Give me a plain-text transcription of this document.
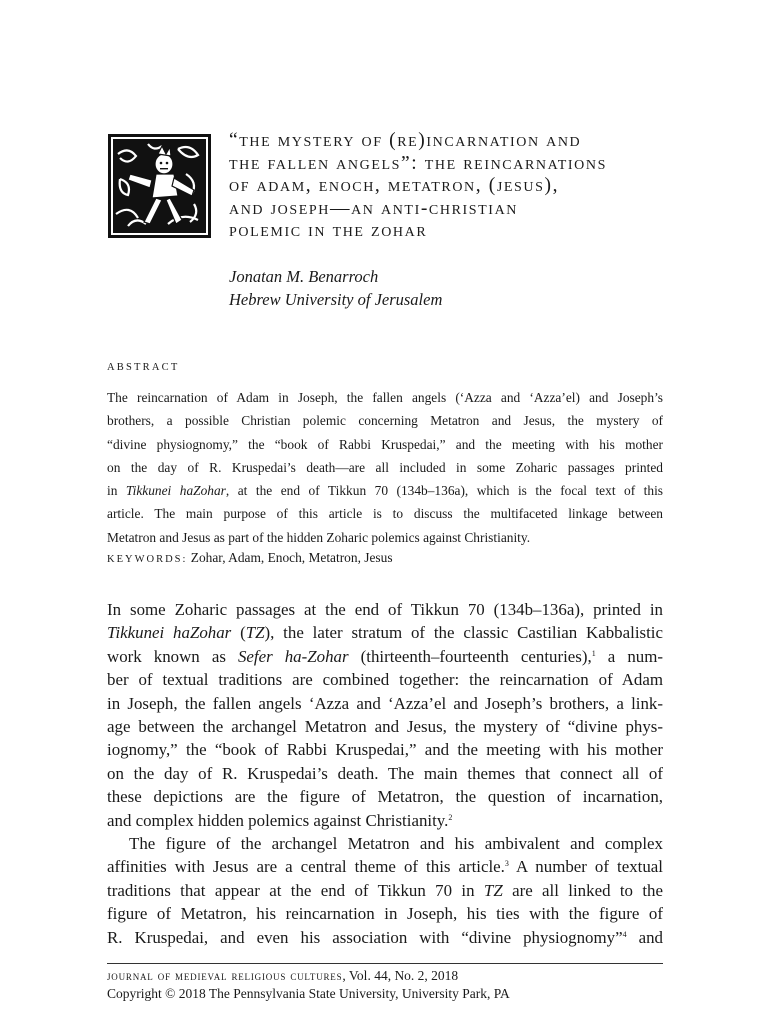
“the mystery of (re)incarnation and
the fallen angels”: the reincarnations
of adam, enoch, metatron, (jesus),
and joseph—an anti-christian
polemic in the zohar
Jonatan M. Benarroch
Hebrew University of Jerusalem
ABSTRACT
The reincarnation of Adam in Joseph, the fallen angels (‘Azza and ‘Azza’el) and Joseph’s
brothers, a possible Christian polemic concerning Metatron and Jesus, the mystery of
“divine physiognomy,” the “book of Rabbi Kruspedai,” and the meeting with his mother
on the day of R. Kruspedai’s death—are all included in some Zoharic passages printed
in Tikkunei haZohar, at the end of Tikkun 70 (134b–136a), which is the focal text of this
article. The main purpose of this article is to discuss the multifaceted linkage between
Metatron and Jesus as part of the hidden Zoharic polemics against Christianity.
KEYWORDS: Zohar, Adam, Enoch, Metatron, Jesus
In some Zoharic passages at the end of Tikkun 70 (134b–136a), printed in
Tikkunei haZohar (TZ), the later stratum of the classic Castilian Kabbalistic
work known as Sefer ha-Zohar (thirteenth–fourteenth centuries),$^1$ a num-
ber of textual traditions are combined together: the reincarnation of Adam
in Joseph, the fallen angels ‘Azza and ‘Azza’el and Joseph’s brothers, a link-
age between the archangel Metatron and Jesus, the mystery of “divine phys-
iognomy,” the “book of Rabbi Kruspedai,” and the meeting with his mother
on the day of R. Kruspedai’s death. The main themes that connect all of
these depictions are the figure of Metatron, the question of incarnation,
and complex hidden polemics against Christianity.$^2$
The figure of the archangel Metatron and his ambivalent and complex
affinities with Jesus are a central theme of this article.$^3$ A number of textual
traditions that appear at the end of Tikkun 70 in TZ are all linked to the
figure of Metatron, his reincarnation in Joseph, his ties with the figure of
R. Kruspedai, and even his association with “divine physiognomy”$^4$ and
journal of medieval religious cultures, Vol. 44, No. 2, 2018
Copyright © 2018 The Pennsylvania State University, University Park, PA
